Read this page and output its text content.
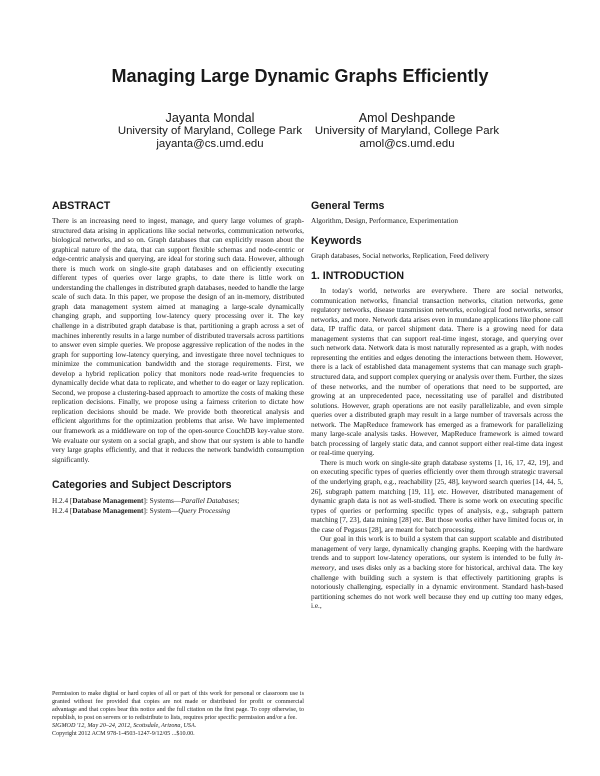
Managing Large Dynamic Graphs Efficiently
Jayanta Mondal
University of Maryland, College Park
jayanta@cs.umd.edu
Amol Deshpande
University of Maryland, College Park
amol@cs.umd.edu
ABSTRACT

There is an increasing need to ingest, manage, and query large volumes of graph-structured data arising in applications like social networks, communication networks, biological networks, and so on. Graph databases that can explicitly reason about the graphical nature of the data, that can support flexible schemas and node-centric or edge-centric analysis and querying, are ideal for storing such data. However, although there is much work on single-site graph databases and on efficiently executing different types of queries over large graphs, to date there is little work on understanding the challenges in distributed graph databases, needed to handle the large scale of such data. In this paper, we propose the design of an in-memory, distributed graph data management system aimed at managing a large-scale dynamically changing graph, and supporting low-latency query processing over it. The key challenge in a distributed graph database is that, partitioning a graph across a set of machines inherently results in a large number of distributed traversals across partitions to answer even simple queries. We propose aggressive replication of the nodes in the graph for supporting low-latency querying, and investigate three novel techniques to minimize the communication bandwidth and the storage requirements. First, we develop a hybrid replication policy that monitors node read-write frequencies to dynamically decide what data to replicate, and whether to do eager or lazy replication. Second, we propose a clustering-based approach to amortize the costs of making these replication decisions. Finally, we propose using a fairness criterion to dictate how replication decisions should be made. We provide both theoretical analysis and efficient algorithms for the optimization problems that arise. We have implemented our framework as a middleware on top of the open-source CouchDB key-value store. We evaluate our system on a social graph, and show that our system is able to handle very large graphs efficiently, and that it reduces the network bandwidth consumption significantly.

Categories and Subject Descriptors
H.2.4 [Database Management]: Systems—Parallel Databases;
H.2.4 [Database Management]: System—Query Processing
Permission to make digital or hard copies of all or part of this work for personal or classroom use is granted without fee provided that copies are not made or distributed for profit or commercial advantage and that copies bear this notice and the full citation on the first page. To copy otherwise, to republish, to post on servers or to redistribute to lists, requires prior specific permission and/or a fee.
SIGMOD '12, May 20–24, 2012, Scottsdale, Arizona, USA.
Copyright 2012 ACM 978-1-4503-1247-9/12/05 ...$10.00.
General Terms

Algorithm, Design, Performance, Experimentation

Keywords

Graph databases, Social networks, Replication, Feed delivery

1. INTRODUCTION

In today's world, networks are everywhere. There are social networks, communication networks, financial transaction networks, citation networks, gene regulatory networks, disease transmission networks, ecological food networks, sensor networks, and more. Network data arises even in mundane applications like phone call data, IP traffic data, or parcel shipment data. There is a growing need for data management systems that can support real-time ingest, storage, and querying over such network data. Network data is most naturally represented as a graph, with nodes representing the entities and edges denoting the interactions between them. However, there is a lack of established data management systems that can manage such graph-structured data, and support complex querying or analysis over them. Further, the sizes of these networks, and the number of operations that need to be supported, are growing at an unprecedented pace, necessitating use of parallel and distributed solutions. However, graph operations are not easily parallelizable, and even simple queries over a distributed graph may result in a large number of traversals across the network. The MapReduce framework has emerged as a framework for parallelizing many large-scale analysis tasks. However, MapReduce framework is aimed toward batch processing of largely static data, and cannot support either real-time data ingest or real-time querying.

There is much work on single-site graph database systems [1, 16, 17, 42, 19], and on executing specific types of queries efficiently over them through strategic traversal of the underlying graph, e.g., reachability [25, 48], keyword search queries [14, 44, 5, 26], subgraph pattern matching [19, 11], etc. However, distributed management of dynamic graph data is not as well-studied. There is some work on executing specific types of queries or performing specific types of analysis, e.g., subgraph pattern matching [7, 23], data mining [28] etc. But those works either have limited focus or, in the case of Pegasus [28], are meant for batch processing.

Our goal in this work is to build a system that can support scalable and distributed management of very large, dynamically changing graphs. Keeping with the hardware trends and to support low-latency operations, our system is intended to be fully in-memory, and uses disks only as a backing store for historical, archival data. The key challenge with building such a system is that effectively partitioning graphs is notoriously challenging, especially in a dynamic environment. Standard hash-based partitioning schemes do not work well because they end up cutting too many edges, i.e.,
